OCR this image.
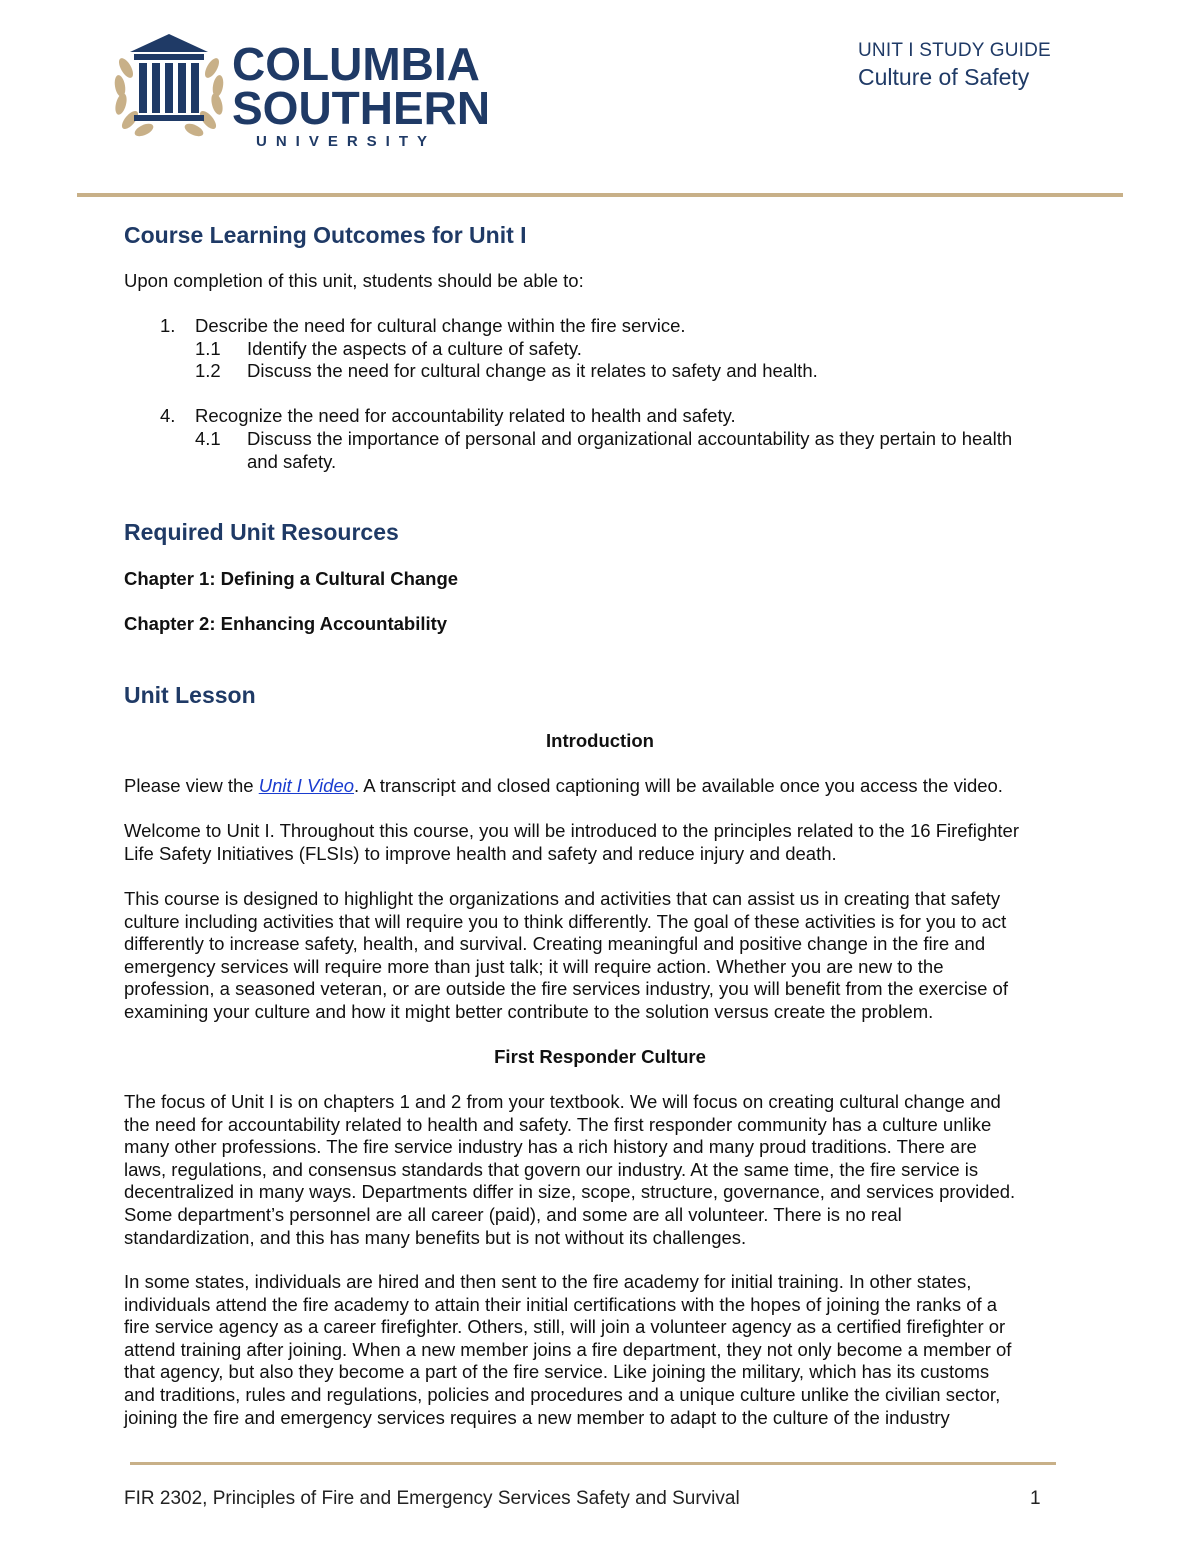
COLUMBIA
SOUTHERN
UNIVERSITY
UNIT I STUDY GUIDE
Culture of Safety
Course Learning Outcomes for Unit I
Upon completion of this unit, students should be able to:
1. Describe the need for cultural change within the fire service.
1.1 Identify the aspects of a culture of safety.
1.2 Discuss the need for cultural change as it relates to safety and health.
4. Recognize the need for accountability related to health and safety.
4.1 Discuss the importance of personal and organizational accountability as they pertain to health
and safety.
Required Unit Resources
Chapter 1: Defining a Cultural Change
Chapter 2: Enhancing Accountability
Unit Lesson
Introduction
Please view the Unit I Video. A transcript and closed captioning will be available once you access the video.
Welcome to Unit I. Throughout this course, you will be introduced to the principles related to the 16 Firefighter
Life Safety Initiatives (FLSIs) to improve health and safety and reduce injury and death.
This course is designed to highlight the organizations and activities that can assist us in creating that safety
culture including activities that will require you to think differently. The goal of these activities is for you to act
differently to increase safety, health, and survival. Creating meaningful and positive change in the fire and
emergency services will require more than just talk; it will require action. Whether you are new to the
profession, a seasoned veteran, or are outside the fire services industry, you will benefit from the exercise of
examining your culture and how it might better contribute to the solution versus create the problem.
First Responder Culture
The focus of Unit I is on chapters 1 and 2 from your textbook. We will focus on creating cultural change and
the need for accountability related to health and safety. The first responder community has a culture unlike
many other professions. The fire service industry has a rich history and many proud traditions. There are
laws, regulations, and consensus standards that govern our industry. At the same time, the fire service is
decentralized in many ways. Departments differ in size, scope, structure, governance, and services provided.
Some department’s personnel are all career (paid), and some are all volunteer. There is no real
standardization, and this has many benefits but is not without its challenges.
In some states, individuals are hired and then sent to the fire academy for initial training. In other states,
individuals attend the fire academy to attain their initial certifications with the hopes of joining the ranks of a
fire service agency as a career firefighter. Others, still, will join a volunteer agency as a certified firefighter or
attend training after joining. When a new member joins a fire department, they not only become a member of
that agency, but also they become a part of the fire service. Like joining the military, which has its customs
and traditions, rules and regulations, policies and procedures and a unique culture unlike the civilian sector,
joining the fire and emergency services requires a new member to adapt to the culture of the industry
FIR 2302, Principles of Fire and Emergency Services Safety and Survival	1
